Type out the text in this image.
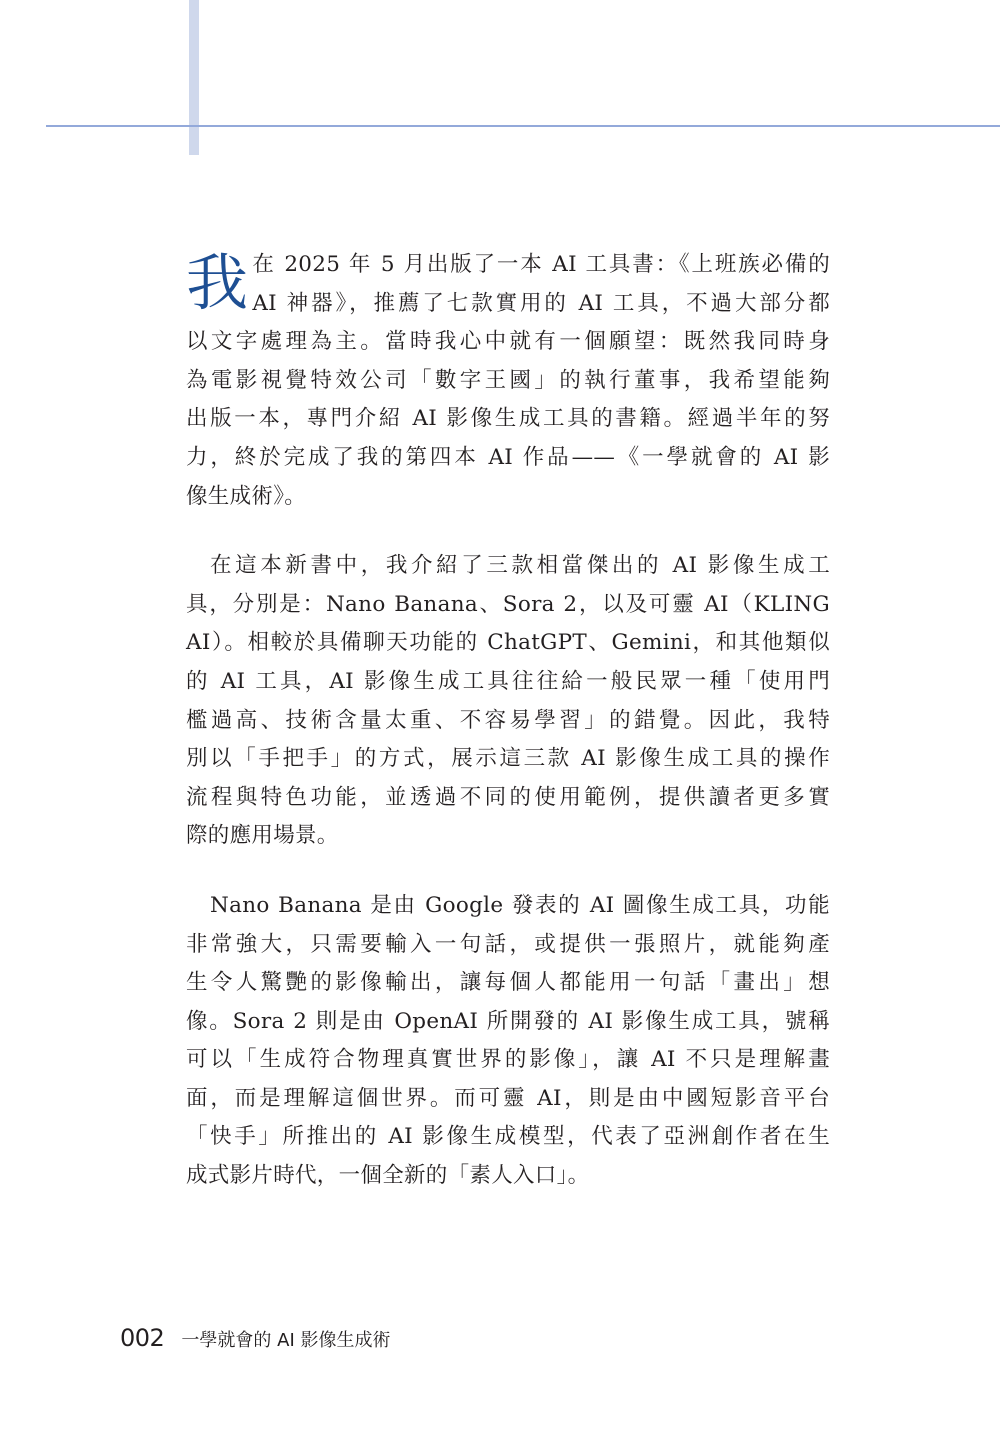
我 在 2025 年 5 月出版了一本 AI 工具書：《上班族必備的
AI 神器》，推薦了七款實用的 AI 工具，不過大部分都
以文字處理為主。當時我心中就有一個願望：既然我同時身
為電影視覺特效公司「數字王國」的執行董事，我希望能夠
出版一本，專門介紹 AI 影像生成工具的書籍。經過半年的努
力，終於完成了我的第四本 AI 作品——《一學就會的 AI 影
像生成術》。

在這本新書中，我介紹了三款相當傑出的 AI 影像生成工
具，分別是：Nano Banana、Sora 2，以及可靈 AI（KLING
AI）。相較於具備聊天功能的 ChatGPT、Gemini，和其他類似
的 AI 工具，AI 影像生成工具往往給一般民眾一種「使用門
檻過高、技術含量太重、不容易學習」的錯覺。因此，我特
別以「手把手」的方式，展示這三款 AI 影像生成工具的操作
流程與特色功能，並透過不同的使用範例，提供讀者更多實
際的應用場景。

Nano Banana 是由 Google 發表的 AI 圖像生成工具，功能
非常強大，只需要輸入一句話，或提供一張照片，就能夠產
生令人驚艷的影像輸出，讓每個人都能用一句話「畫出」想
像。Sora 2 則是由 OpenAI 所開發的 AI 影像生成工具，號稱
可以「生成符合物理真實世界的影像」，讓 AI 不只是理解畫
面，而是理解這個世界。而可靈 AI，則是由中國短影音平台
「快手」所推出的 AI 影像生成模型，代表了亞洲創作者在生
成式影片時代，一個全新的「素人入口」。

002 一學就會的 AI 影像生成術
